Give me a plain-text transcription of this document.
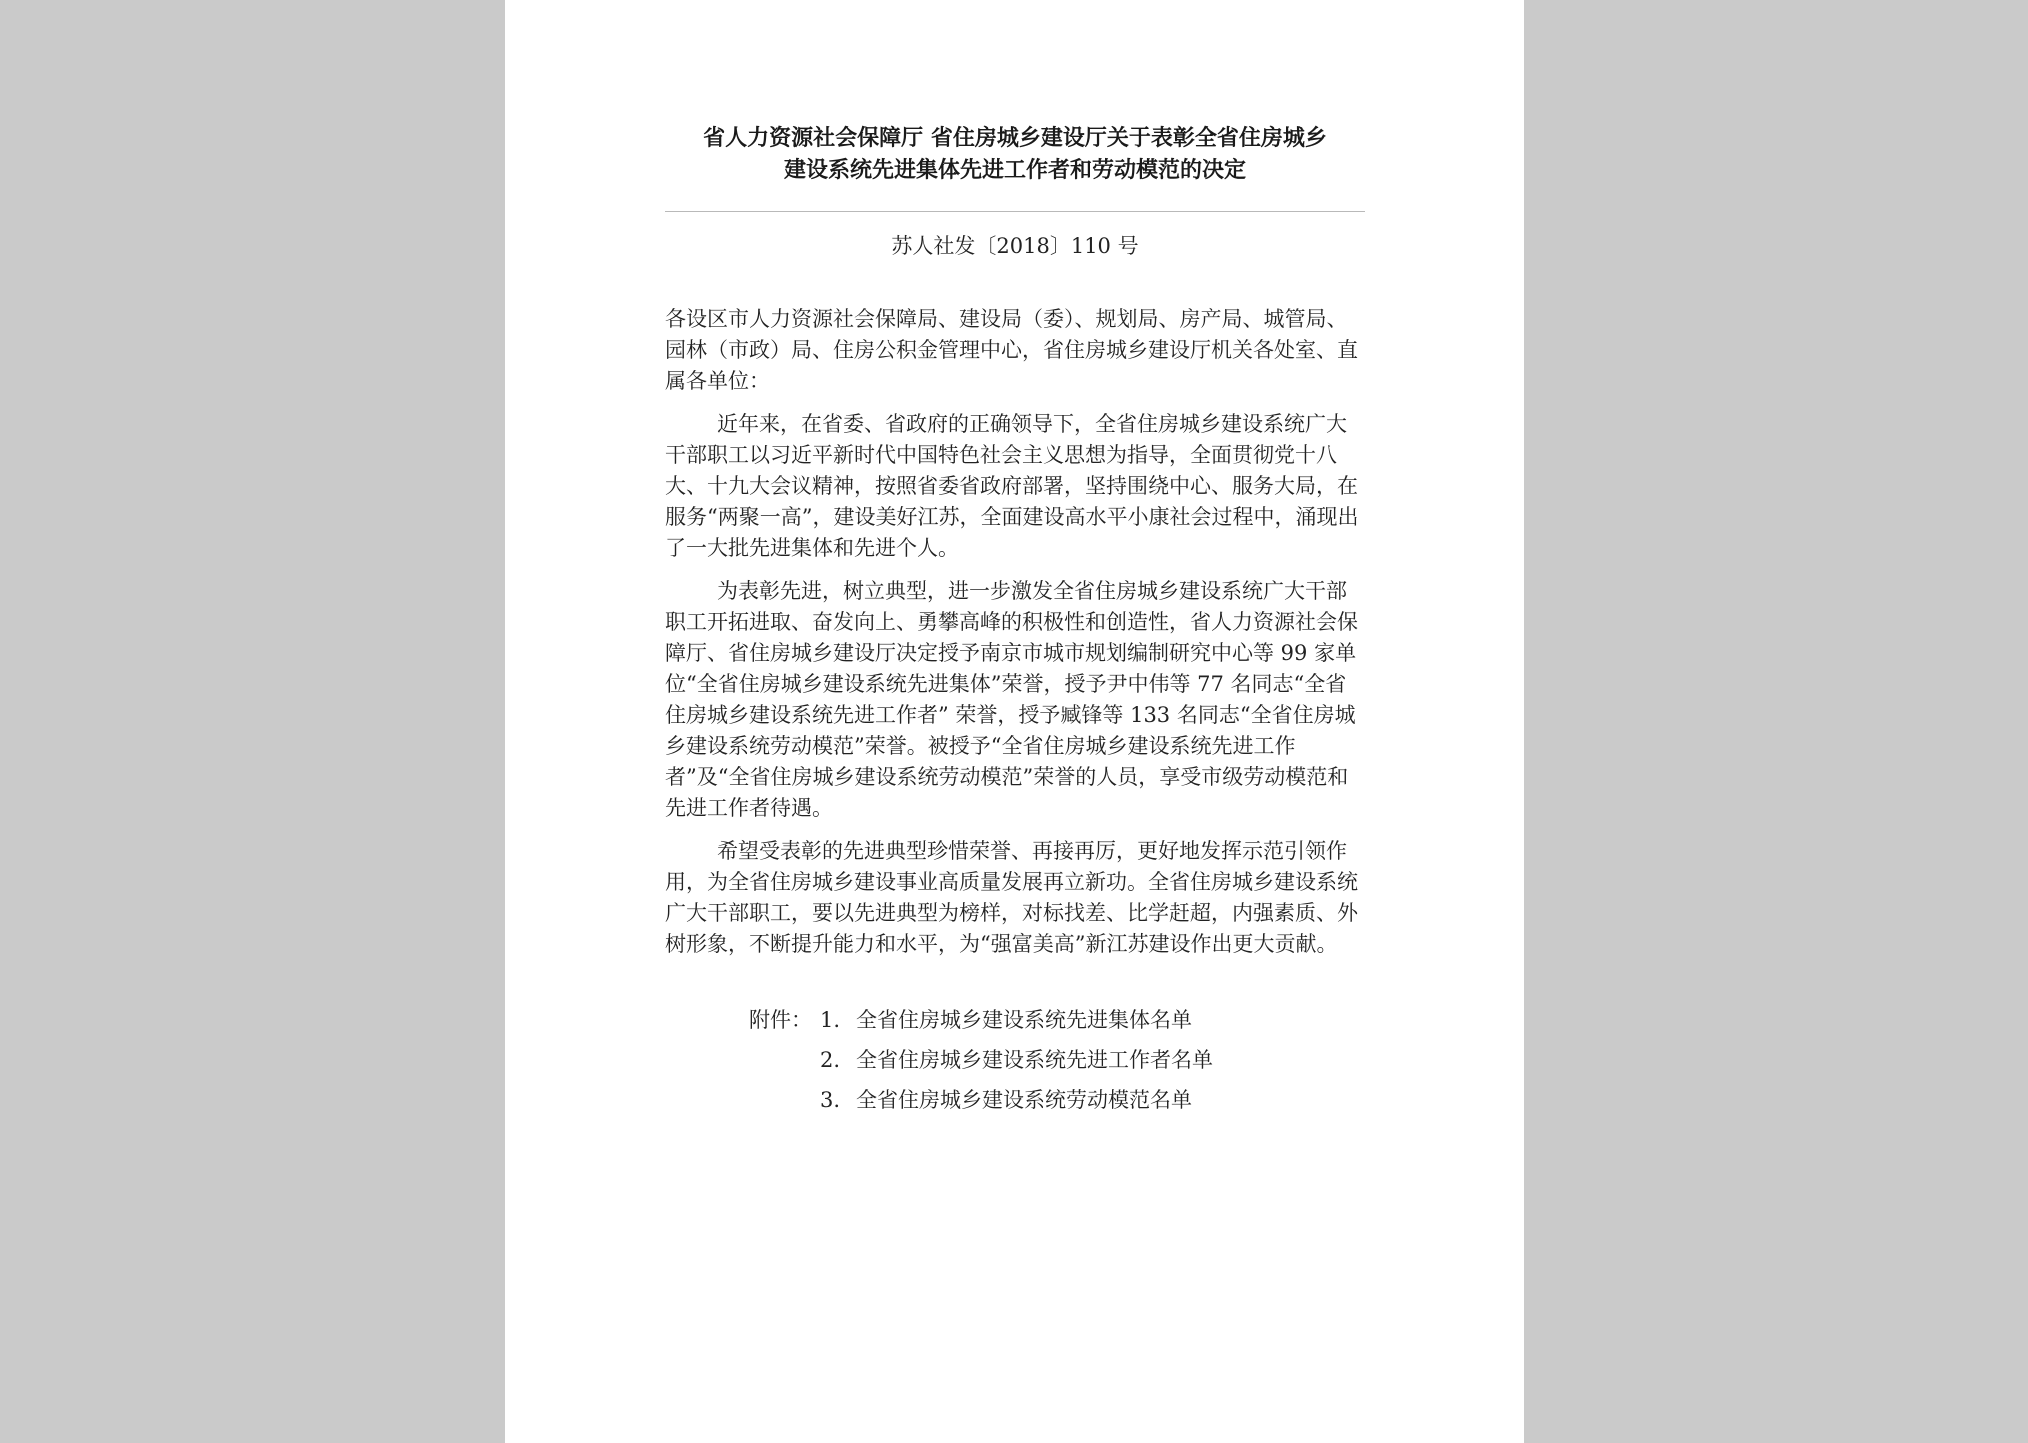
省人力资源社会保障厅 省住房城乡建设厅关于表彰全省住房城乡
建设系统先进集体先进工作者和劳动模范的决定
苏人社发〔2018〕110 号
各设区市人力资源社会保障局、建设局（委）、规划局、房产局、城管局、园林（市政）局、住房公积金管理中心，省住房城乡建设厅机关各处室、直属各单位：
近年来，在省委、省政府的正确领导下，全省住房城乡建设系统广大干部职工以习近平新时代中国特色社会主义思想为指导，全面贯彻党十八大、十九大会议精神，按照省委省政府部署，坚持围绕中心、服务大局，在服务“两聚一高”，建设美好江苏，全面建设高水平小康社会过程中，涌现出了一大批先进集体和先进个人。
为表彰先进，树立典型，进一步激发全省住房城乡建设系统广大干部职工开拓进取、奋发向上、勇攀高峰的积极性和创造性，省人力资源社会保障厅、省住房城乡建设厅决定授予南京市城市规划编制研究中心等 99 家单位“全省住房城乡建设系统先进集体”荣誉，授予尹中伟等 77 名同志“全省住房城乡建设系统先进工作者” 荣誉，授予臧锋等 133 名同志“全省住房城乡建设系统劳动模范”荣誉。被授予“全省住房城乡建设系统先进工作者”及“全省住房城乡建设系统劳动模范”荣誉的人员，享受市级劳动模范和先进工作者待遇。
希望受表彰的先进典型珍惜荣誉、再接再厉，更好地发挥示范引领作用，为全省住房城乡建设事业高质量发展再立新功。全省住房城乡建设系统广大干部职工，要以先进典型为榜样，对标找差、比学赶超，内强素质、外树形象，不断提升能力和水平，为“强富美高”新江苏建设作出更大贡献。
附件： 1. 全省住房城乡建设系统先进集体名单
2. 全省住房城乡建设系统先进工作者名单
3. 全省住房城乡建设系统劳动模范名单
